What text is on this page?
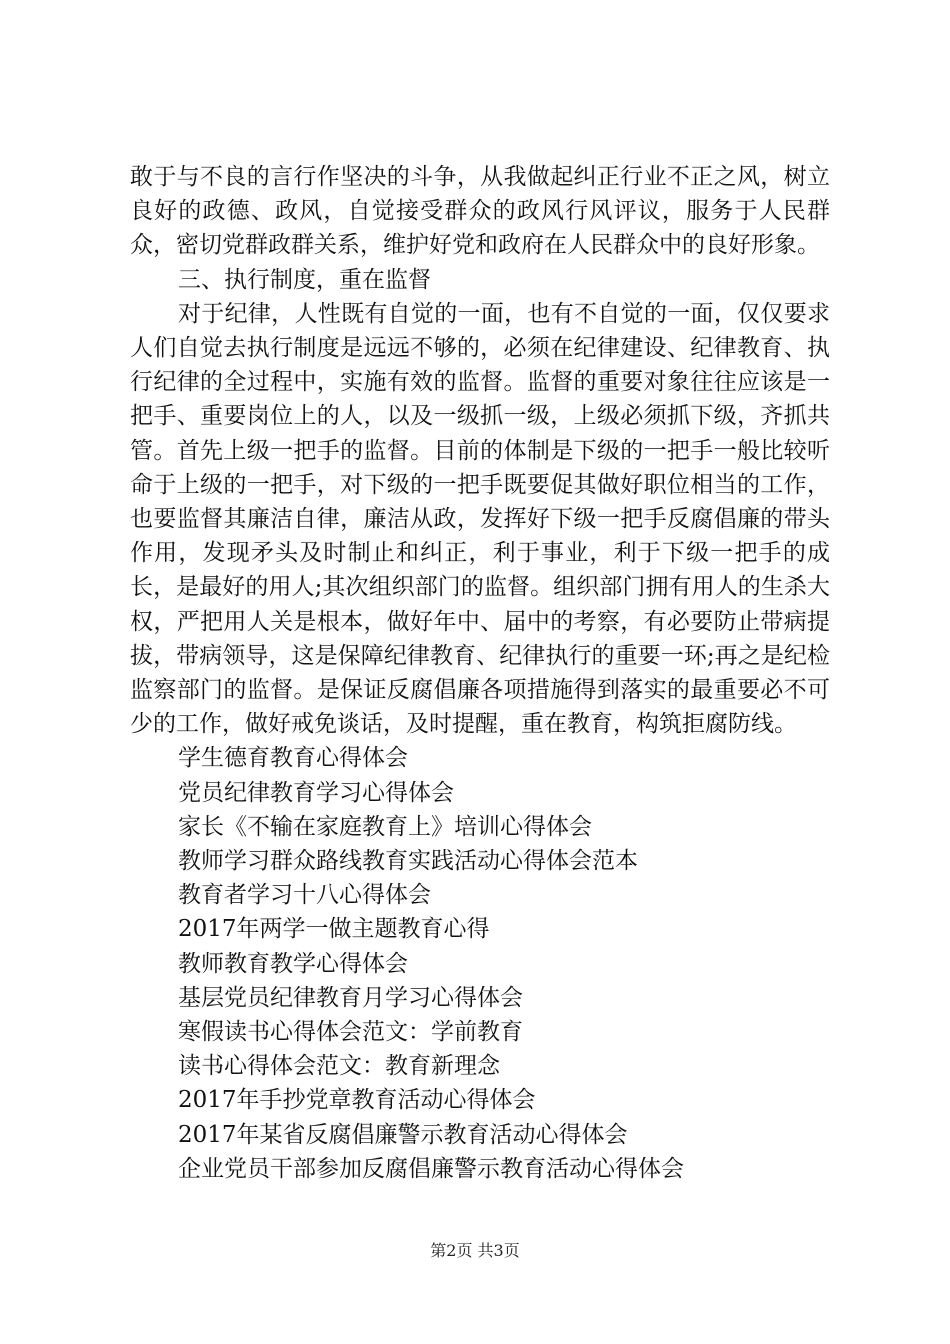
敢于与不良的言行作坚决的斗争，从我做起纠正行业不正之风，树立良好的政德、政风，自觉接受群众的政风行风评议，服务于人民群众，密切党群政群关系，维护好党和政府在人民群众中的良好形象。

三、执行制度，重在监督

对于纪律，人性既有自觉的一面，也有不自觉的一面，仅仅要求人们自觉去执行制度是远远不够的，必须在纪律建设、纪律教育、执行纪律的全过程中，实施有效的监督。监督的重要对象往往应该是一把手、重要岗位上的人，以及一级抓一级，上级必须抓下级，齐抓共管。首先上级一把手的监督。目前的体制是下级的一把手一般比较听命于上级的一把手，对下级的一把手既要促其做好职位相当的工作，也要监督其廉洁自律，廉洁从政，发挥好下级一把手反腐倡廉的带头作用，发现矛头及时制止和纠正，利于事业，利于下级一把手的成长，是最好的用人;其次组织部门的监督。组织部门拥有用人的生杀大权，严把用人关是根本，做好年中、届中的考察，有必要防止带病提拔，带病领导，这是保障纪律教育、纪律执行的重要一环;再之是纪检监察部门的监督。是保证反腐倡廉各项措施得到落实的最重要必不可少的工作，做好戒免谈话，及时提醒，重在教育，构筑拒腐防线。

学生德育教育心得体会
党员纪律教育学习心得体会
家长《不输在家庭教育上》培训心得体会
教师学习群众路线教育实践活动心得体会范本
教育者学习十八心得体会
2017年两学一做主题教育心得
教师教育教学心得体会
基层党员纪律教育月学习心得体会
寒假读书心得体会范文：学前教育
读书心得体会范文：教育新理念
2017年手抄党章教育活动心得体会
2017年某省反腐倡廉警示教育活动心得体会
企业党员干部参加反腐倡廉警示教育活动心得体会
第2页 共3页
